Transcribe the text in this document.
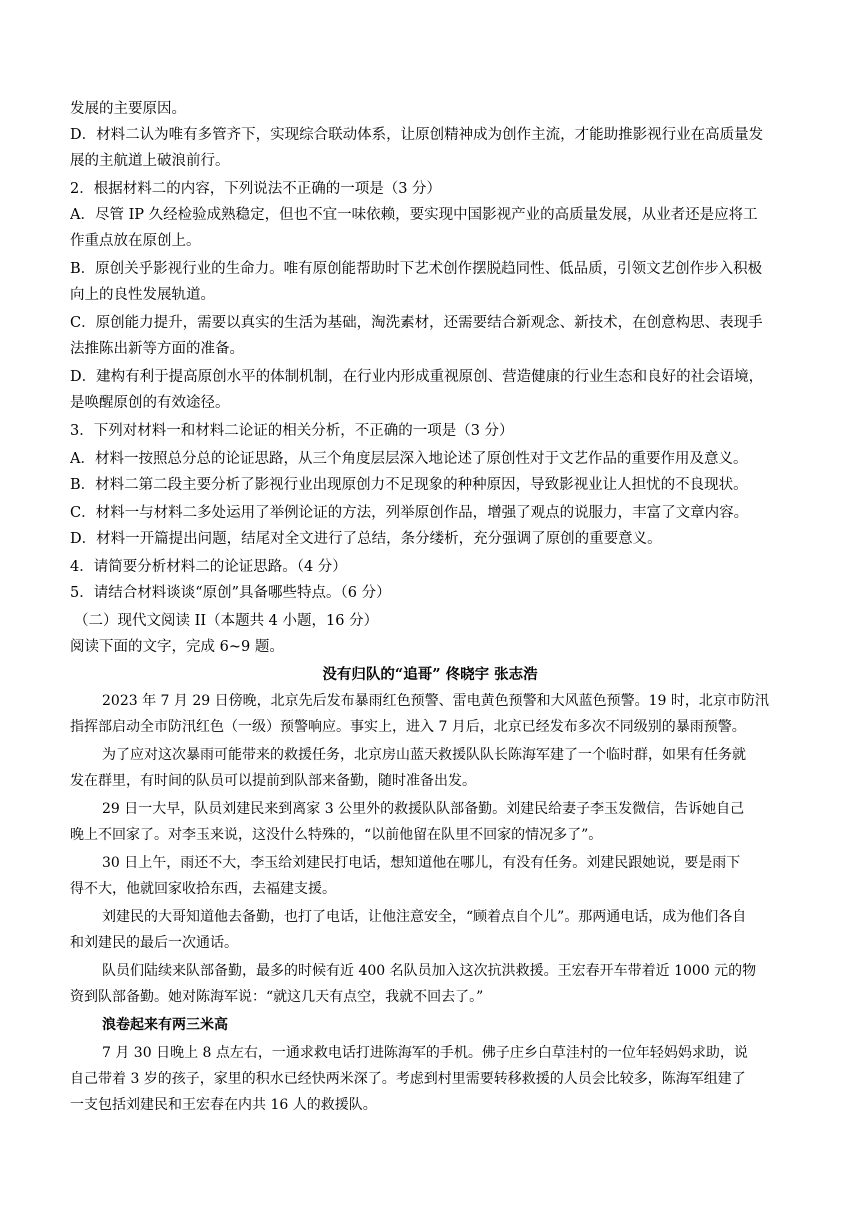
发展的主要原因。
D．材料二认为唯有多管齐下，实现综合联动体系，让原创精神成为创作主流，才能助推影视行业在高质量发
展的主航道上破浪前行。
2．根据材料二的内容，下列说法不正确的一项是（3 分）
A．尽管 IP 久经检验成熟稳定，但也不宜一味依赖，要实现中国影视产业的高质量发展，从业者还是应将工
作重点放在原创上。
B．原创关乎影视行业的生命力。唯有原创能帮助时下艺术创作摆脱趋同性、低品质，引领文艺创作步入积极
向上的良性发展轨道。
C．原创能力提升，需要以真实的生活为基础，淘洗素材，还需要结合新观念、新技术，在创意构思、表现手
法推陈出新等方面的准备。
D．建构有利于提高原创水平的体制机制，在行业内形成重视原创、营造健康的行业生态和良好的社会语境，
是唤醒原创的有效途径。
3．下列对材料一和材料二论证的相关分析，不正确的一项是（3 分）
A．材料一按照总分总的论证思路，从三个角度层层深入地论述了原创性对于文艺作品的重要作用及意义。
B．材料二第二段主要分析了影视行业出现原创力不足现象的种种原因，导致影视业让人担忧的不良现状。
C．材料一与材料二多处运用了举例论证的方法，列举原创作品，增强了观点的说服力，丰富了文章内容。
D．材料一开篇提出问题，结尾对全文进行了总结，条分缕析，充分强调了原创的重要意义。
4．请简要分析材料二的论证思路。（4 分）
5．请结合材料谈谈“原创”具备哪些特点。（6 分）
（二）现代文阅读 II（本题共 4 小题，16 分）
阅读下面的文字，完成 6~9 题。
没有归队的“追哥” 佟晓宇 张志浩
2023 年 7 月 29 日傍晚，北京先后发布暴雨红色预警、雷电黄色预警和大风蓝色预警。19 时，北京市防汛
指挥部启动全市防汛红色（一级）预警响应。事实上，进入 7 月后，北京已经发布多次不同级别的暴雨预警。
为了应对这次暴雨可能带来的救援任务，北京房山蓝天救援队队长陈海军建了一个临时群，如果有任务就
发在群里，有时间的队员可以提前到队部来备勤，随时准备出发。
29 日一大早，队员刘建民来到离家 3 公里外的救援队队部备勤。刘建民给妻子李玉发微信，告诉她自己
晚上不回家了。对李玉来说，这没什么特殊的，“以前他留在队里不回家的情况多了”。
30 日上午，雨还不大，李玉给刘建民打电话，想知道他在哪儿，有没有任务。刘建民跟她说，要是雨下
得不大，他就回家收拾东西，去福建支援。
刘建民的大哥知道他去备勤，也打了电话，让他注意安全，“顾着点自个儿”。那两通电话，成为他们各自
和刘建民的最后一次通话。
队员们陆续来队部备勤，最多的时候有近 400 名队员加入这次抗洪救援。王宏春开车带着近 1000 元的物
资到队部备勤。她对陈海军说：“就这几天有点空，我就不回去了。”
浪卷起来有两三米高
7 月 30 日晚上 8 点左右，一通求救电话打进陈海军的手机。佛子庄乡白草洼村的一位年轻妈妈求助，说
自己带着 3 岁的孩子，家里的积水已经快两米深了。考虑到村里需要转移救援的人员会比较多，陈海军组建了
一支包括刘建民和王宏春在内共 16 人的救援队。
